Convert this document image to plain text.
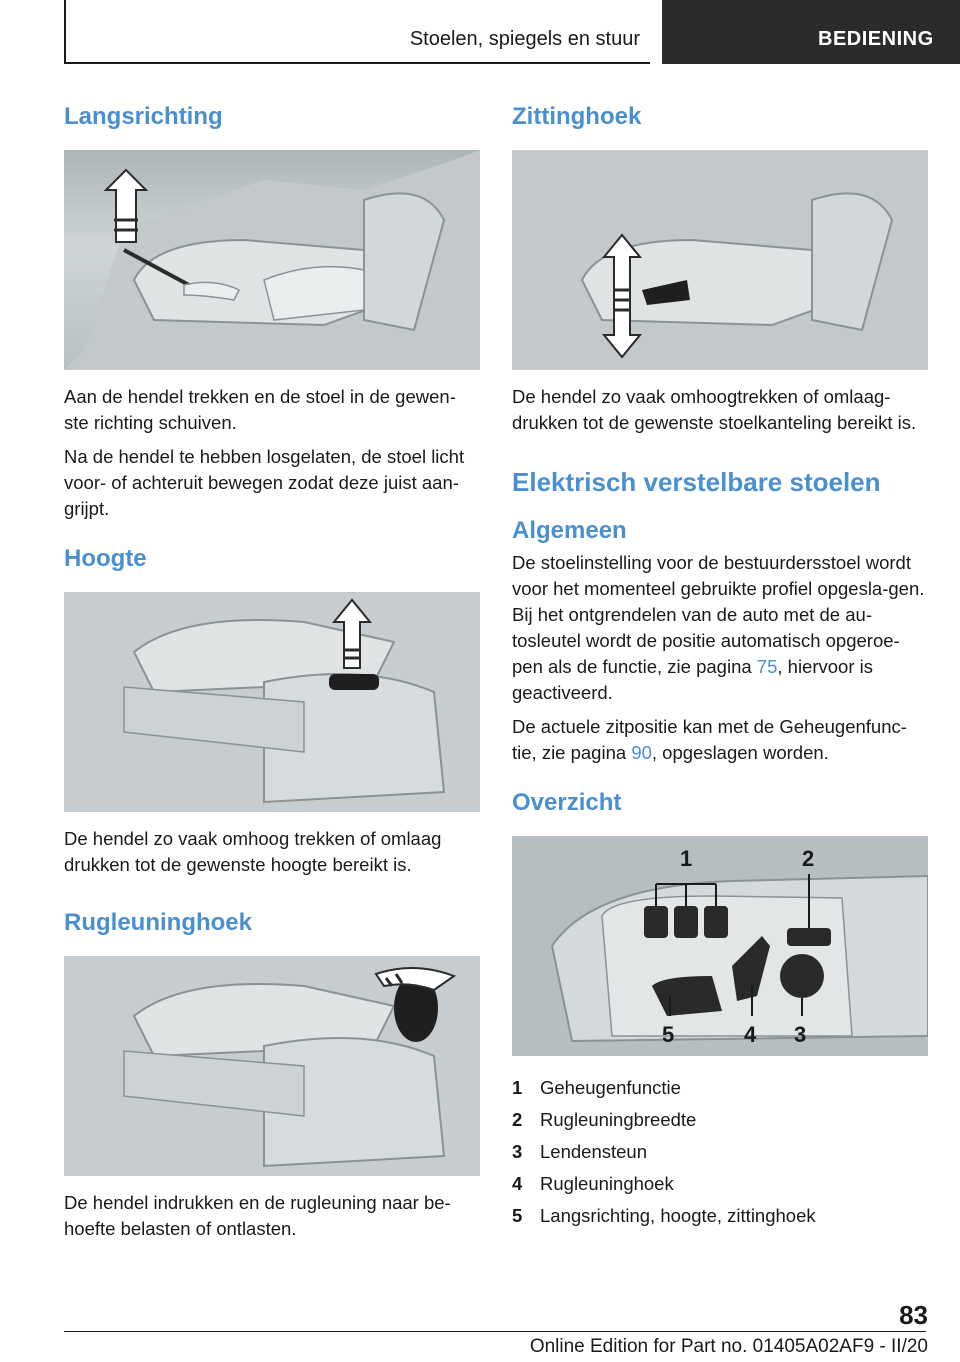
Stoelen, spiegels en stuur	BEDIENING
Langsrichting

Aan de hendel trekken en de stoel in de gewen-ste richting schuiven.

Na de hendel te hebben losgelaten, de stoel licht voor- of achteruit bewegen zodat deze juist aan-grijpt.

Hoogte

De hendel zo vaak omhoog trekken of omlaag drukken tot de gewenste hoogte bereikt is.

Rugleuninghoek

De hendel indrukken en de rugleuning naar be-hoefte belasten of ontlasten.

Zittinghoek

De hendel zo vaak omhoogtrekken of omlaag-drukken tot de gewenste stoelkanteling bereikt is.

Elektrisch verstelbare stoelen
Algemeen

De stoelinstelling voor de bestuurdersstoel wordt voor het momenteel gebruikte profiel opgesla-gen. Bij het ontgrendelen van de auto met de au-tosleutel wordt de positie automatisch opgeroe-pen als de functie, zie pagina 75, hiervoor is geactiveerd.

De actuele zitpositie kan met de Geheugenfunc-tie, zie pagina 90, opgeslagen worden.

Overzicht
1	2
3
4
5
1 Geheugenfunctie
2 Rugleuningbreedte
3 Lendensteun
4 Rugleuninghoek
5 Langsrichting, hoogte, zittinghoek
83
Online Edition for Part no. 01405A02AF9 - II/20
